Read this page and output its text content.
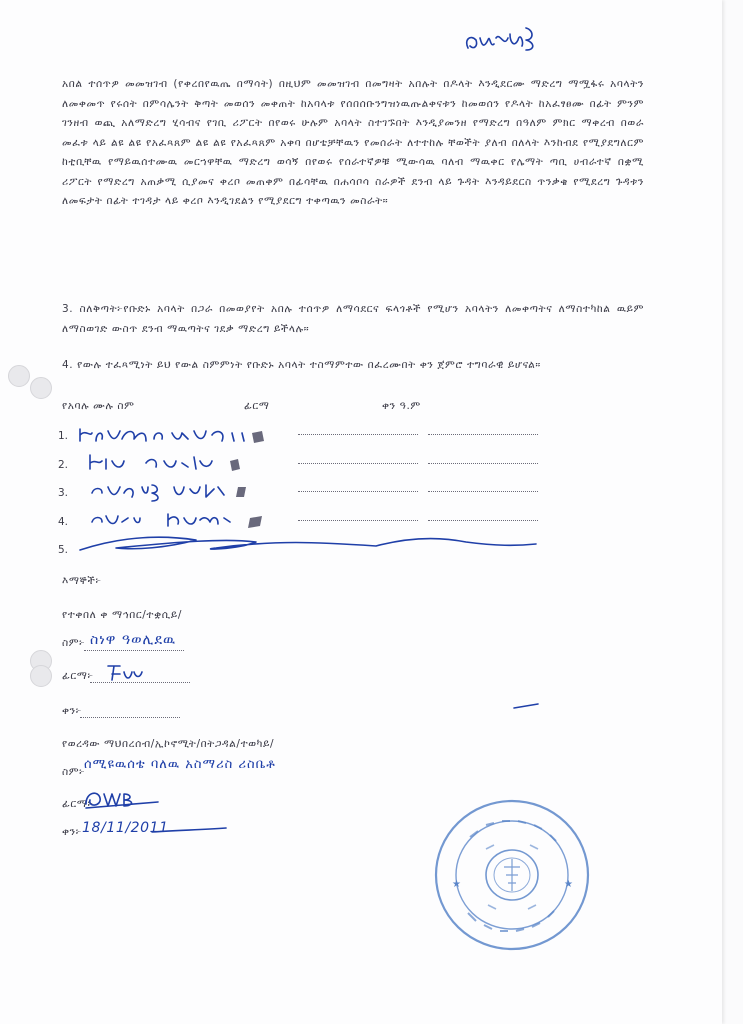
አበል ተሰጥዎ መመዝገብ (የቀረበየዉጤ በማሳት) በዚህም መመዝገብ በመግዛት አበሉት በዶላት እንዲደርሙ ማድረግ ማሟፋሩ አባላትን ለመቀመጥ የሩሰት በምሳሌንት ቅጣት መወሰን መቀጠት ከአባላቱ የሰበሰቡንግዝነዉጡልቀናቱን ከመወሰን የዶላት ከአፈፃፀሙ በፊት ምንም ገንዘብ ወጪ አለማድረግ ሂሳብና የገቢ ሪፖርት በየወሩ ሁሉም አባላት ስተገኙበት እንዲያመንዘ የማድረግ በዓለም ምክር ማቀረብ በወራ መፈቱ ላይ ልዩ ልዩ የአፈጻጸም ልዩ ልዩ የአፈጻጸም አቀባ በሆቴቻቸዉን የመሰራት ለተተከሉ ቸወችት ያለብ በለላት እንከብደ የሚያደግለርም ከቲቢቸዉ የማይዉሰተሙዉ መርኀዋቸዉ ማድረግ ወሳኝ በየወሩ የሰራተኛዎቹ ሚውሳዉ ባለብ ማዉቀር የሌማት ጣቢ ሀብራተኛ በቋሚ ሪፖርት የማድረግ አጠቃሚ ሲያመና ቀረቦ መጠቀም በፊሳቸዉ በሐሳቦሳ ስራዎች ደንብ ላይ ጉዳት እንዳይደርስ ጥንቃቄ የሚደረግ ጉዳቱን ለመፍታት በፊት ተገዳታ ላይ ቀረቦ እንዲገደልን የሚያደርግ ተቀጣዉን መስራት።
3. ስለቅጣት፦የቡድኑ አባላት በጋራ በመወያየት አበሉ ተሰጥዎ ለማሳደርና ፍላጎቶች የሚሆን አባላትን ለመቀጣትና ለማስተካከል ዉይም ለማስወገድ ውስጥ ደንብ ማዉጣትና ገደቃ ማድረግ ይችላሉ።
4. የውሉ ተፈጻሚነት ይህ የውል ስምምነት የቡድኑ አባላት ተስማምተው በፈረሙበት ቀን ጀምሮ ተግባራዊ ይሆናል።
የአባሉ ሙሉ ስም	ፊርማ	ቀን ዓ.ም
1.
2.
3.
4.
5.
እማኞች፦
የተቀበለ ቀ ማኅበር/ተቋሲይ/
ስም፦ ስነዋ ዓወሊደዉ
ፊርማ፦
ቀን፦
የወረዳው ማህበረሰብ/ኢኮኖሚት/በትጋዳል/ተወካይ/
ስም፦
ሰሚዩዉሰቴ ባለዉ አስማሪስ ሪስቤቶ
ፊርማ፦
ቀን፦ 18/11/2011
★	★
